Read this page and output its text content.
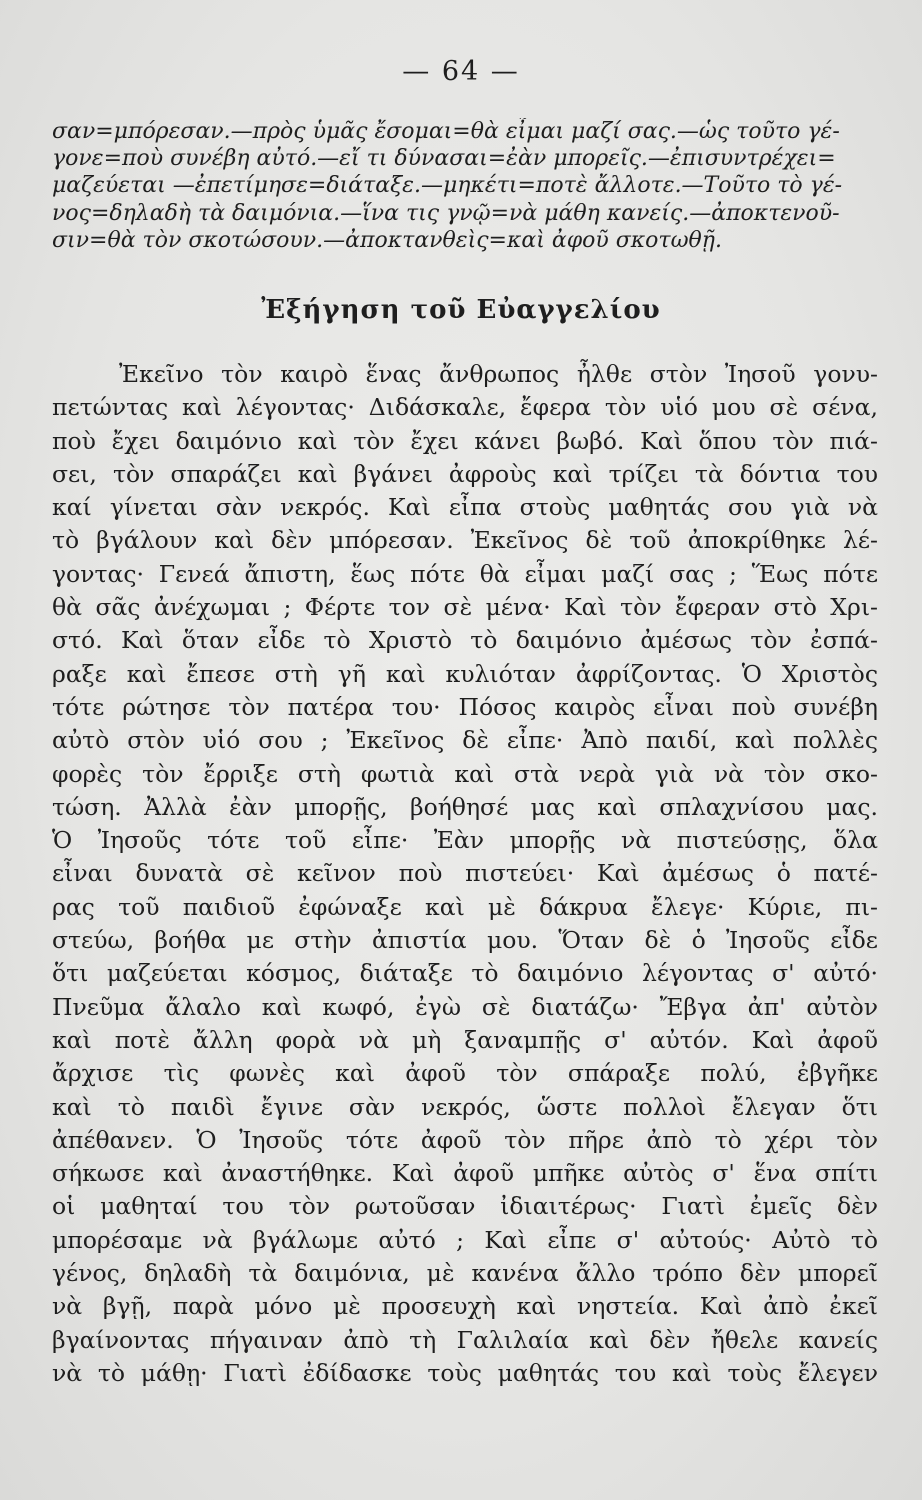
— 64 —
σαν=μπόρεσαν.—πρὸς ὑμᾶς ἔσομαι=θὰ εἶμαι μαζί σας.—ὡς τοῦτο γέ-
γονε=ποὺ συνέβη αὐτό.—εἴ τι δύνασαι=ἐὰν μπορεῖς.—ἐπισυντρέχει=
μαζεύεται —ἐπετίμησε=διάταξε.—μηκέτι=ποτὲ ἄλλοτε.—Τοῦτο τὸ γέ-
νος=δηλαδὴ τὰ δαιμόνια.—ἵνα τις γνῷ=νὰ μάθη κανείς.—ἀποκτενοῦ-
σιν=θὰ τὸν σκοτώσουν.—ἀποκτανθεὶς=καὶ ἀφοῦ σκοτωθῇ.
Ἐξήγηση τοῦ Εὐαγγελίου
Ἐκεῖνο τὸν καιρὸ ἕνας ἄνθρωπος ἦλθε στὸν Ἰησοῦ γονυ-
πετώντας καὶ λέγοντας· Διδάσκαλε, ἔφερα τὸν υἱό μου σὲ σένα,
ποὺ ἔχει δαιμόνιο καὶ τὸν ἔχει κάνει βωβό. Καὶ ὅπου τὸν πιά-
σει, τὸν σπαράζει καὶ βγάνει ἀφροὺς καὶ τρίζει τὰ δόντια του
καί γίνεται σὰν νεκρός. Καὶ εἶπα στοὺς μαθητάς σου γιὰ νὰ
τὸ βγάλουν καὶ δὲν μπόρεσαν. Ἐκεῖνος δὲ τοῦ ἀποκρίθηκε λέ-
γοντας· Γενεά ἄπιστη, ἕως πότε θὰ εἶμαι μαζί σας ; Ἕως πότε
θὰ σᾶς ἀνέχωμαι ; Φέρτε τον σὲ μένα· Καὶ τὸν ἔφεραν στὸ Χρι-
στό. Καὶ ὅταν εἶδε τὸ Χριστὸ τὸ δαιμόνιο ἀμέσως τὸν ἐσπά-
ραξε καὶ ἔπεσε στὴ γῆ καὶ κυλιόταν ἀφρίζοντας. Ὁ Χριστὸς
τότε ρώτησε τὸν πατέρα του· Πόσος καιρὸς εἶναι ποὺ συνέβη
αὐτὸ στὸν υἱό σου ; Ἐκεῖνος δὲ εἶπε· Ἀπὸ παιδί, καὶ πολλὲς
φορὲς τὸν ἔρριξε στὴ φωτιὰ καὶ στὰ νερὰ γιὰ νὰ τὸν σκο-
τώση. Ἀλλὰ ἐὰν μπορῇς, βοήθησέ μας καὶ σπλαχνίσου μας.
Ὁ Ἰησοῦς τότε τοῦ εἶπε· Ἐὰν μπορῇς νὰ πιστεύσῃς, ὅλα
εἶναι δυνατὰ σὲ κεῖνον ποὺ πιστεύει· Καὶ ἀμέσως ὁ πατέ-
ρας τοῦ παιδιοῦ ἐφώναξε καὶ μὲ δάκρυα ἔλεγε· Κύριε, πι-
στεύω, βοήθα με στὴν ἀπιστία μου. Ὅταν δὲ ὁ Ἰησοῦς εἶδε
ὅτι μαζεύεται κόσμος, διάταξε τὸ δαιμόνιο λέγοντας σ' αὐτό·
Πνεῦμα ἄλαλο καὶ κωφό, ἐγὼ σὲ διατάζω· Ἔβγα ἀπ' αὐτὸν
καὶ ποτὲ ἄλλη φορὰ νὰ μὴ ξαναμπῇς σ' αὐτόν. Καὶ ἀφοῦ
ἄρχισε τὶς φωνὲς καὶ ἀφοῦ τὸν σπάραξε πολύ, ἐβγῆκε
καὶ τὸ παιδὶ ἔγινε σὰν νεκρός, ὥστε πολλοὶ ἔλεγαν ὅτι
ἀπέθανεν. Ὁ Ἰησοῦς τότε ἀφοῦ τὸν πῆρε ἀπὸ τὸ χέρι τὸν
σήκωσε καὶ ἀναστήθηκε. Καὶ ἀφοῦ μπῆκε αὐτὸς σ' ἕνα σπίτι
οἱ μαθηταί του τὸν ρωτοῦσαν ἰδιαιτέρως· Γιατὶ ἐμεῖς δὲν
μπορέσαμε νὰ βγάλωμε αὐτό ; Καὶ εἶπε σ' αὐτούς· Αὐτὸ τὸ
γένος, δηλαδὴ τὰ δαιμόνια, μὲ κανένα ἄλλο τρόπο δὲν μπορεῖ
νὰ βγῇ, παρὰ μόνο μὲ προσευχὴ καὶ νηστεία. Καὶ ἀπὸ ἐκεῖ
βγαίνοντας πήγαιναν ἀπὸ τὴ Γαλιλαία καὶ δὲν ἤθελε κανείς
νὰ τὸ μάθῃ· Γιατὶ ἐδίδασκε τοὺς μαθητάς του καὶ τοὺς ἔλεγεν
